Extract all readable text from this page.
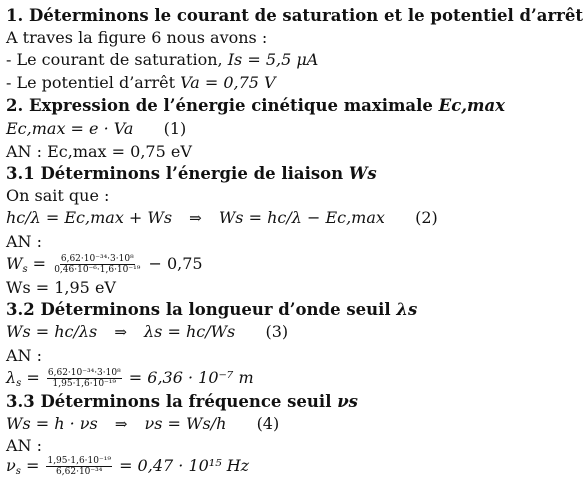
1. Déterminons le courant de saturation et le potentiel d’arrêt
A traves la figure 6 nous avons :
- Le courant de saturation, Is = 5,5 μA
- Le potentiel d’arrêt Va = 0,75 V
2. Expression de l’énergie cinétique maximale Ec,max
Ec,max = e · Va (1)
AN : Ec,max = 0,75 eV
3.1 Déterminons l’énergie de liaison Ws
On sait que :
hc/λ = Ec,max + Ws ⇒ Ws = hc/λ − Ec,max (2)
AN :
$W_s = \frac{\text{6,62·10⁻³⁴·3·10⁸}}{\text{0,46·10⁻⁶·1,6·10⁻¹⁹}} - 0,75$
Ws = 1,95 eV
3.2 Déterminons la longueur d’onde seuil λs
Ws = hc/λs ⇒ λs = hc/Ws (3)
AN :
$\lambda_s = \frac{\text{6,62·10⁻³⁴·3·10⁸}}{\text{1,95·1,6·10⁻¹⁹}} = 6,36 \cdot 10^{-7}$ m
3.3 Déterminons la fréquence seuil νs
Ws = h · νs ⇒ νs = Ws/h (4)
AN :
$\nu_s = \frac{\text{1,95·1,6·10⁻¹⁹}}{\text{6,62·10⁻³⁴}} = 0,47 \cdot 10^{15}$ Hz
